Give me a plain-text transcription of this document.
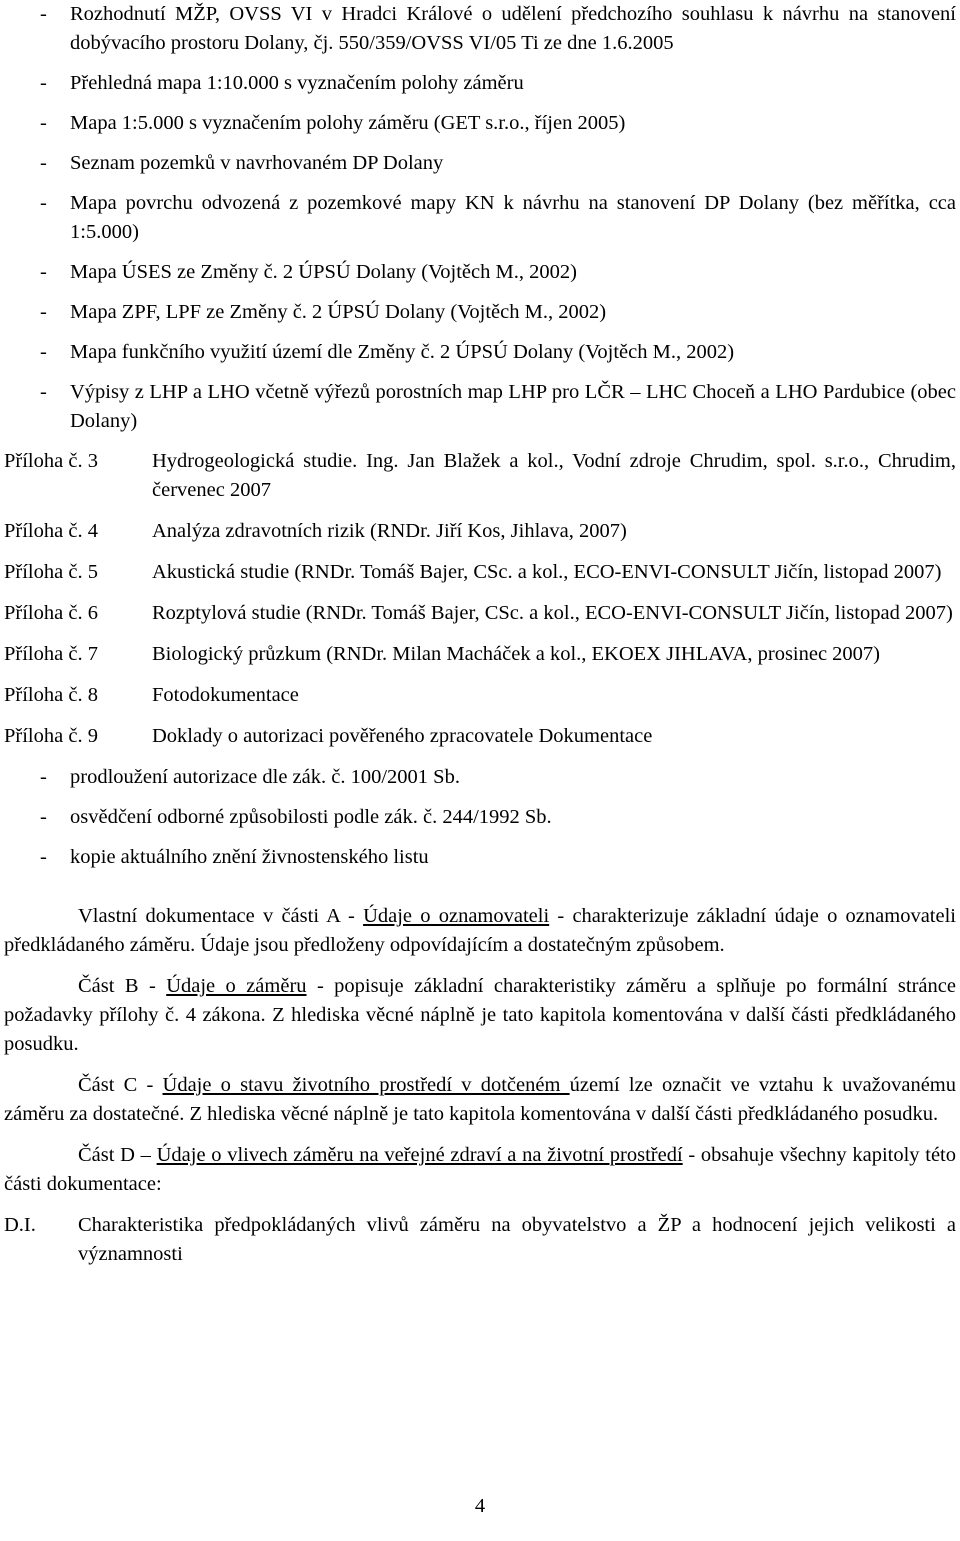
- Rozhodnutí MŽP, OVSS VI v Hradci Králové o udělení předchozího souhlasu k návrhu na stanovení dobývacího prostoru Dolany, čj. 550/359/OVSS VI/05 Ti ze dne 1.6.2005
- Přehledná mapa 1:10.000 s vyznačením polohy záměru
- Mapa 1:5.000 s vyznačením polohy záměru (GET s.r.o., říjen 2005)
- Seznam pozemků v navrhovaném DP Dolany
- Mapa povrchu odvozená z pozemkové mapy KN k návrhu na stanovení DP Dolany (bez měřítka, cca 1:5.000)
- Mapa ÚSES ze Změny č. 2 ÚPSÚ Dolany (Vojtěch M., 2002)
- Mapa ZPF, LPF ze Změny č. 2 ÚPSÚ Dolany (Vojtěch M., 2002)
- Mapa funkčního využití území dle Změny č. 2 ÚPSÚ Dolany (Vojtěch M., 2002)
- Výpisy z LHP a LHO včetně výřezů porostních map LHP pro LČR – LHC Choceň a LHO Pardubice (obec Dolany)
Příloha č. 3	Hydrogeologická studie. Ing. Jan Blažek a kol., Vodní zdroje Chrudim, spol. s.r.o., Chrudim, červenec 2007
Příloha č. 4	Analýza zdravotních rizik (RNDr. Jiří Kos, Jihlava, 2007)
Příloha č. 5	Akustická studie (RNDr. Tomáš Bajer, CSc. a kol., ECO-ENVI-CONSULT Jičín, listopad 2007)
Příloha č. 6	Rozptylová studie (RNDr. Tomáš Bajer, CSc. a kol., ECO-ENVI-CONSULT Jičín, listopad 2007)
Příloha č. 7	Biologický průzkum (RNDr. Milan Macháček a kol., EKOEX JIHLAVA, prosinec 2007)
Příloha č. 8	Fotodokumentace
Příloha č. 9	Doklady o autorizaci pověřeného zpracovatele Dokumentace
- prodloužení autorizace dle zák. č. 100/2001 Sb.
- osvědčení odborné způsobilosti podle zák. č. 244/1992 Sb.
- kopie aktuálního znění živnostenského listu

Vlastní dokumentace v části A - Údaje o oznamovateli - charakterizuje základní údaje o oznamovateli předkládaného záměru. Údaje jsou předloženy odpovídajícím a dostatečným způsobem.

Část B - Údaje o záměru - popisuje základní charakteristiky záměru a splňuje po formální stránce požadavky přílohy č. 4 zákona. Z hlediska věcné náplně je tato kapitola komentována v další části předkládaného posudku.

Část C - Údaje o stavu životního prostředí v dotčeném území lze označit ve vztahu k uvažovanému záměru za dostatečné. Z hlediska věcné náplně je tato kapitola komentována v další části předkládaného posudku.

Část D – Údaje o vlivech záměru na veřejné zdraví a na životní prostředí - obsahuje všechny kapitoly této části dokumentace:

D.I. Charakteristika předpokládaných vlivů záměru na obyvatelstvo a ŽP a hodnocení jejich velikosti a významnosti
4
